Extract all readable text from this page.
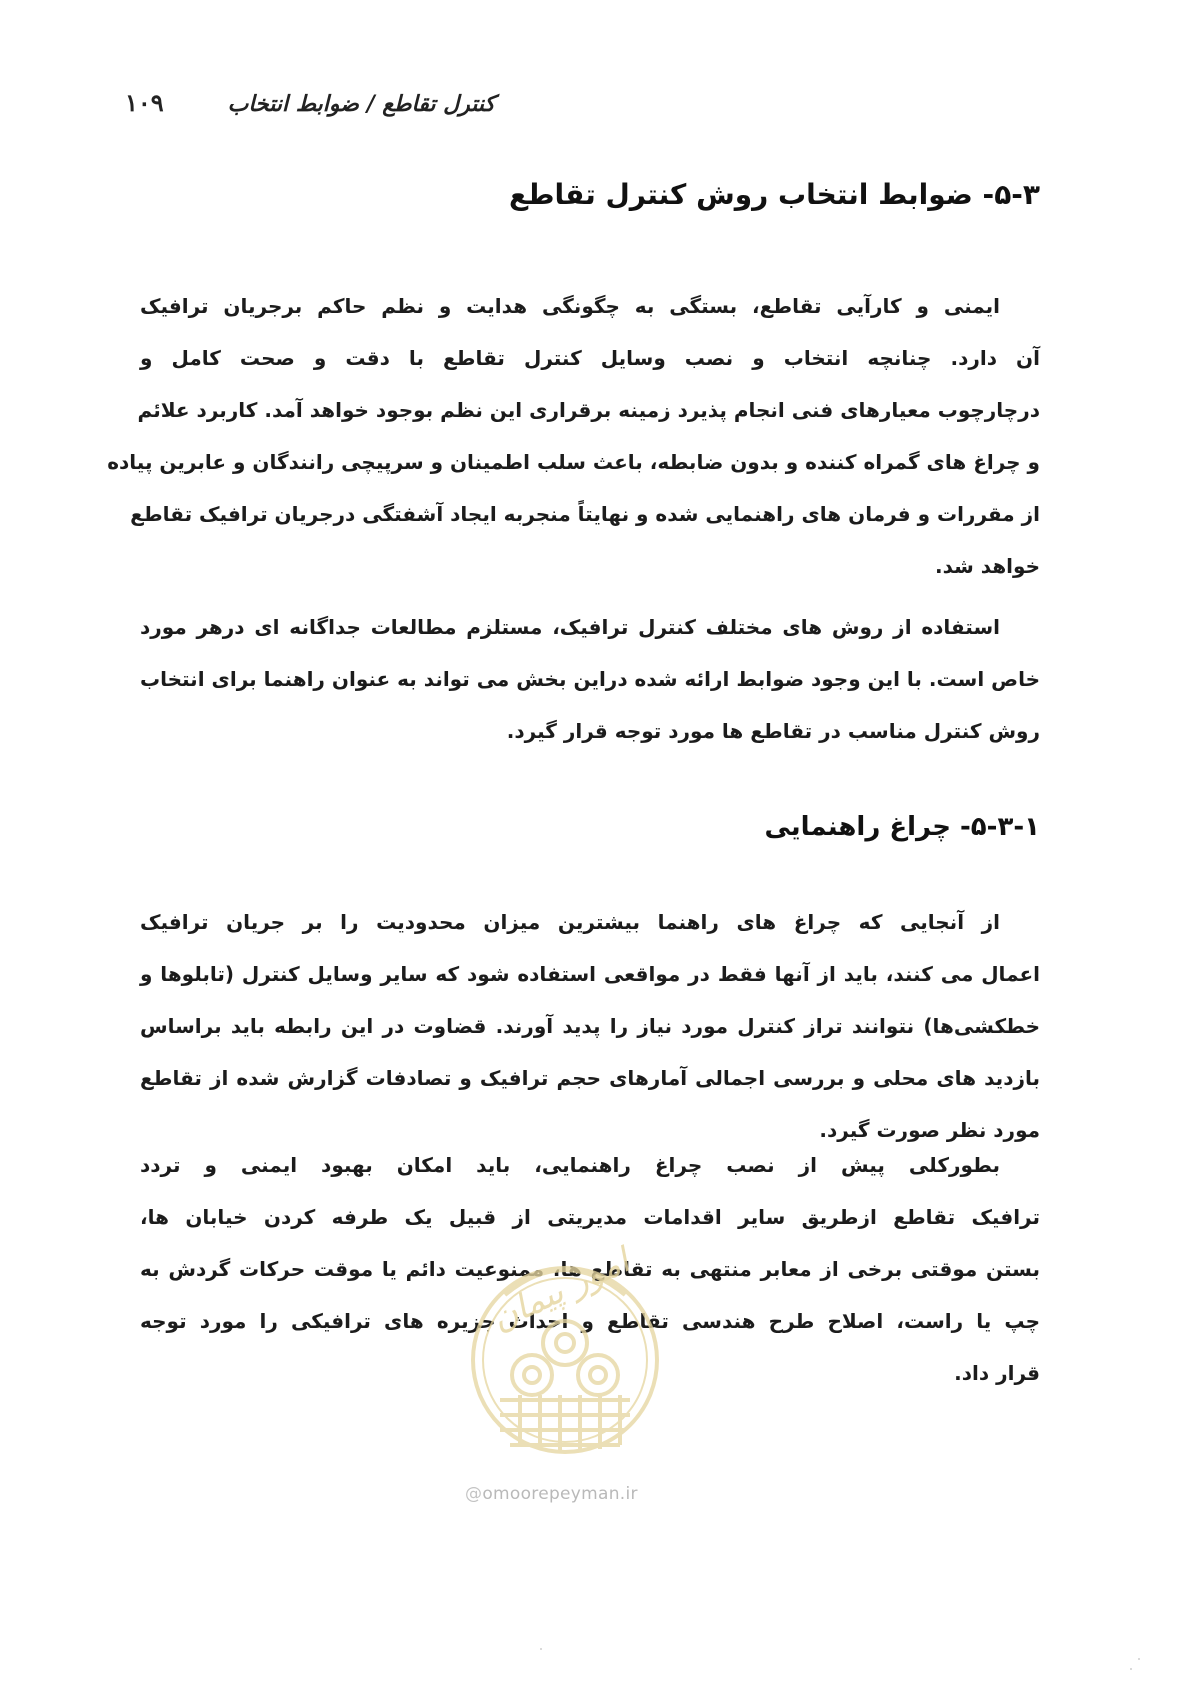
کنترل تقاطع / ضوابط انتخاب
۱۰۹
۵-۳- ضوابط انتخاب روش کنترل تقاطع
ایمنی و کارآیی تقاطع، بستگی به چگونگی هدایت و نظم حاکم برجریان ترافیک
آن دارد. چنانچه انتخاب و نصب وسایل کنترل تقاطع با دقت و صحت کامل و
درچارچوب معیارهای فنی انجام پذیرد زمینه برقراری این نظم بوجود خواهد آمد. کاربرد علائم
و چراغ های گمراه کننده و بدون ضابطه، باعث سلب اطمینان و سرپیچی رانندگان و عابرین پیاده
از مقررات و فرمان های راهنمایی شده و نهایتاً منجربه ایجاد آشفتگی درجریان ترافیک تقاطع
خواهد شد.
استفاده از روش های مختلف کنترل ترافیک، مستلزم مطالعات جداگانه ای درهر مورد
خاص است. با این وجود ضوابط ارائه شده دراین بخش می تواند به عنوان راهنما برای انتخاب
روش کنترل مناسب در تقاطع ها مورد توجه قرار گیرد.
۵-۳-۱- چراغ راهنمایی
از آنجایی که چراغ های راهنما بیشترین میزان محدودیت را بر جریان ترافیک
اعمال می کنند، باید از آنها فقط در مواقعی استفاده شود که سایر وسایل کنترل (تابلوها و
خطکشی‌ها) نتوانند تراز کنترل مورد نیاز را پدید آورند. قضاوت در این رابطه باید براساس
بازدید های محلی و بررسی اجمالی آمارهای حجم ترافیک و تصادفات گزارش شده از تقاطع
مورد نظر صورت گیرد.
بطورکلی پیش از نصب چراغ راهنمایی، باید امکان بهبود ایمنی و تردد
ترافیک تقاطع ازطریق سایر اقدامات مدیریتی از قبیل یک طرفه کردن خیابان ها،
بستن موقتی برخی از معابر منتهی به تقاطع ها، ممنوعیت دائم یا موقت حرکات گردش به
چپ یا راست، اصلاح طرح هندسی تقاطع و احداث جزیره های ترافیکی را مورد توجه
قرار داد.
امور پیمان
@omoorepeyman.ir
